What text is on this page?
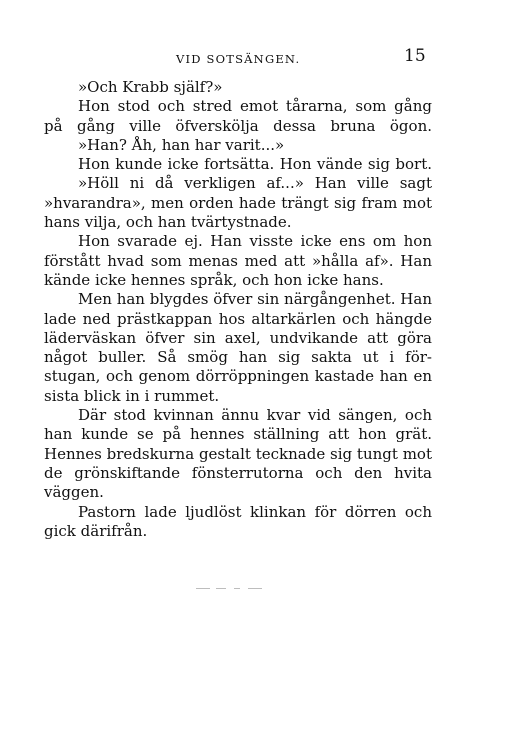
VID SOTSÄNGEN.	15
»Och Krabb själf?»
Hon stod och stred emot tårarna, som gång
på gång ville öfverskölja dessa bruna ögon.
»Han? Åh, han har varit...»
Hon kunde icke fortsätta. Hon vände sig bort.
»Höll ni då verkligen af...» Han ville sagt
»hvarandra», men orden hade trängt sig fram mot
hans vilja, och han tvärtystnade.
Hon svarade ej. Han visste icke ens om hon
förstått hvad som menas med att »hålla af». Han
kände icke hennes språk, och hon icke hans.
Men han blygdes öfver sin närgångenhet. Han
lade ned prästkappan hos altarkärlen och hängde
läderväskan öfver sin axel, undvikande att göra
något buller. Så smög han sig sakta ut i för-
stugan, och genom dörröppningen kastade han en
sista blick in i rummet.
Där stod kvinnan ännu kvar vid sängen, och
han kunde se på hennes ställning att hon grät.
Hennes bredskurna gestalt tecknade sig tungt mot
de grönskiftande fönsterrutorna och den hvita
väggen.
Pastorn lade ljudlöst klinkan för dörren och
gick därifrån.
